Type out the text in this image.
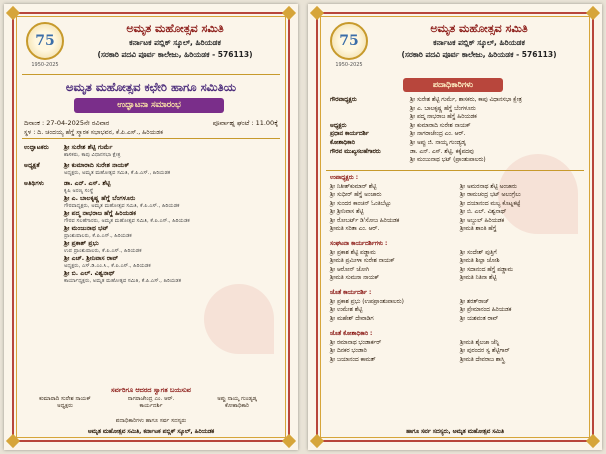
75
1950-2025
ಅಮೃತ ಮಹೋತ್ಸವ ಸಮಿತಿ
ಕರ್ನಾಟಕ ಪಬ್ಲಿಕ್ ಸ್ಕೂಲ್, ಹಿರಿಯಡಕ
(ಸರಕಾರಿ ಪದವಿ ಪೂರ್ವ ಕಾಲೇಜು, ಹಿರಿಯಡಕ - 576113)
ಅಮೃತ ಮಹೋತ್ಸವ ಕಛೇರಿ ಹಾಗೂ ಸಮಿತಿಯ
ಉದ್ಘಾಟನಾ ಸಮಾರಂಭ
ದಿನಾಂಕ : 27-04-2025ನೇ ರವಿವಾರ	ಪೂರ್ವಾಹ್ನ ಘಂಟೆ : 11.00ಕ್ಕೆ
ಸ್ಥಳ : ದಿ. ಚಂದಯ್ಯ ಹೆಗ್ಡೆ ಸ್ಮಾರಕ ಸಭಾಭವನ, ಕೆ.ಪಿ.ಎಸ್., ಹಿರಿಯಡಕ
ಉದ್ಘಾಟಕರು	ಶ್ರೀ ಸುರೇಶ ಶೆಟ್ಟಿ ಗುರ್ಮೆ
ಶಾಸಕರು, ಕಾಪು ವಿಧಾನಸಭಾ ಕ್ಷೇತ್ರ
ಅಧ್ಯಕ್ಷತೆ	ಶ್ರೀ ಕುಮಾರಾದಿ ಸುರೇಶ ನಾಯಕ್
ಅಧ್ಯಕ್ಷರು, ಅಮೃತ ಮಹೋತ್ಸವ ಸಮಿತಿ, ಕೆ.ಪಿ.ಎಸ್., ಹಿರಿಯಡಕ
ಅತಿಥಿಗಳು	ಡಾ. ಎನ್. ಎಸ್. ಶೆಟ್ಟಿ
ಕೃಷಿ ಅರಣ್ಯ ಸಂಸ್ಥೆ
ಶ್ರೀ ಎ. ಬಾಲಕೃಷ್ಣ ಹೆಗ್ಡೆ ಬೆಂಗಳೂರು
ಗೌರವಾಧ್ಯಕ್ಷರು, ಅಮೃತ ಮಹೋತ್ಸವ ಸಮಿತಿ, ಕೆ.ಪಿ.ಎಸ್., ಹಿರಿಯಡಕ
ಶ್ರೀ ಪದ್ಮ ನಾಭರಾಜ ಹೆಗ್ಡೆ ಹಿರಿಯಡಕ
ಗೌರವ ಸಲಹೆಗಾರರು, ಅಮೃತ ಮಹೋತ್ಸವ ಸಮಿತಿ, ಕೆ.ಪಿ.ಎಸ್., ಹಿರಿಯಡಕ
ಶ್ರೀ ಮಂಜುನಾಥ ಭಟ್
ಪ್ರಾಂಶುಪಾಲರು, ಕೆ.ಪಿ.ಎಸ್., ಹಿರಿಯಡಕ
ಶ್ರೀ ಪ್ರಕಾಶ್ ಪ್ರಭು
ಉಪ ಪ್ರಾಂಶುಪಾಲರು, ಕೆ.ಪಿ.ಎಸ್., ಹಿರಿಯಡಕ
ಶ್ರೀ ಎಚ್. ಶ್ರೀನಿವಾಸ ರಾವ್
ಅಧ್ಯಕ್ಷರು, ಎಸ್.ಡಿ.ಎಂ.ಸಿ., ಕೆ.ಪಿ.ಎಸ್., ಹಿರಿಯಡಕ
ಶ್ರೀ ಬಿ. ಎಲ್. ವಿಶ್ವನಾಥ್
ಕಾರ್ಯಾಧ್ಯಕ್ಷರು, ಅಮೃತ ಮಹೋತ್ಸವ ಸಮಿತಿ, ಕೆ.ಪಿ.ಎಸ್., ಹಿರಿಯಡಕ
ಸರ್ವರಿಗೂ ಆದರದ ಸ್ವಾಗತ ಬಯಸುವ
ಕುಮಾರಾದಿ ಸುರೇಶ ನಾಯಕ್
ಅಧ್ಯಕ್ಷರು
ನಾಗರಾಜೇಂದ್ರ ಎಂ. ಆರ್.
ಕಾರ್ಯದರ್ಶಿ
ಅಪ್ಪು ನಾಯ್ಕ ಗುಂಡ್ಯಡ್ಕ
ಕೋಶಾಧಿಕಾರಿ
ಪದಾಧಿಕಾರಿಗಳು ಹಾಗೂ ಸರ್ವ ಸದಸ್ಯರು
ಅಮೃತ ಮಹೋತ್ಸವ ಸಮಿತಿ, ಕರ್ನಾಟಕ ಪಬ್ಲಿಕ್ ಸ್ಕೂಲ್, ಹಿರಿಯಡಕ
75
1950-2025
ಅಮೃತ ಮಹೋತ್ಸವ ಸಮಿತಿ
ಕರ್ನಾಟಕ ಪಬ್ಲಿಕ್ ಸ್ಕೂಲ್, ಹಿರಿಯಡಕ
(ಸರಕಾರಿ ಪದವಿ ಪೂರ್ವ ಕಾಲೇಜು, ಹಿರಿಯಡಕ - 576113)
ಪದಾಧಿಕಾರಿಗಳು
ಗೌರವಾಧ್ಯಕ್ಷರು	ಶ್ರೀ ಸುರೇಶ ಶೆಟ್ಟಿ ಗುರ್ಮೆ, ಶಾಸಕರು, ಕಾಪು ವಿಧಾನಸಭಾ ಕ್ಷೇತ್ರ
ಶ್ರೀ ಎ. ಬಾಲಕೃಷ್ಣ ಹೆಗ್ಡೆ ಬೆಂಗಳೂರು
ಶ್ರೀ ಪದ್ಮ ನಾಭರಾಜ ಹೆಗ್ಡೆ ಹಿರಿಯಡಕ
ಅಧ್ಯಕ್ಷರು	ಶ್ರೀ ಕುಮಾರಾದಿ ಸುರೇಶ ನಾಯಕ್
ಪ್ರಧಾನ ಕಾರ್ಯದರ್ಶಿ	ಶ್ರೀ ನಾಗರಾಜೇಂದ್ರ ಎಂ. ಆರ್.
ಕೋಶಾಧಿಕಾರಿ	ಶ್ರೀ ಅಪ್ಪು ಜಿ. ನಾಯ್ಕ ಗುಂಡ್ಯಡ್ಕ
ಗೌರವ ಮುಖ್ಯಸಲಹೆಗಾರರು	ಡಾ. ಎನ್. ಎಸ್. ಶೆಟ್ಟಿ, ಕಕ್ಕೆಪದವು
ಶ್ರೀ ಮಂಜುನಾಥ ಭಟ್ (ಪ್ರಾಂಶುಪಾಲರು)
ಉಪಾಧ್ಯಕ್ಷರು :
ಶ್ರೀ ನಿತೀಶ್‌ಕುಮಾರ್ ಶೆಟ್ಟಿ	ಶ್ರೀ ಅಮರನಾಥ ಶೆಟ್ಟಿ ಅಂಜಾರು
ಶ್ರೀ ಸುಧೀರ್ ಹೆಗ್ಡೆ ಅಂಜಾರು	ಶ್ರೀ ರಾಮಚಂದ್ರ ಭಟ್ ಅಲಂಗ್ರೆಲು
ಶ್ರೀ ಸುಂದರ ಕಾಂಚನ್ ಓಂತಿಬೆಟ್ಟು	ಶ್ರೀ ದಯಾನಂದ ಮಲ್ಯ ಕೊಟ್ನಕಟ್ಟೆ
ಶ್ರೀ ಶ್ರೀನಿವಾಸ ಶೆಟ್ಟಿ	ಶ್ರೀ ಬಿ. ಎಲ್. ವಿಶ್ವನಾಥ್
ಶ್ರೀ ರೋಬರ್ಟ್ ಡಿ'ಸೋಜ ಹಿರಿಯಡಕ	ಶ್ರೀ ಅಬ್ದುಲ್ ಹಿರಿಯಡಕ
ಶ್ರೀಮತಿ ಸರಿತಾ ಎಂ. ಆರ್.	ಶ್ರೀಮತಿ ಶಾಂತಿ ಹೆಗ್ಡೆ
ಸಂಘಟನಾ ಕಾರ್ಯದರ್ಶಿಗಳು :
ಶ್ರೀ ಪ್ರಕಾಶ ಶೆಟ್ಟಿ ಪಡ್ಡಾಮ	ಶ್ರೀ ಸಂದೇಶ್ ಪುತ್ತಿಗೆ
ಶ್ರೀಮತಿ ಪ್ರಮೀಳಾ ಸುರೇಶ ನಾಯಕ್	ಶ್ರೀಮತಿ ಶಿಲ್ಪಾ ಜೋಶಿ
ಶ್ರೀ ಆರೋನ್ ಜೋಗಿ	ಶ್ರೀ ಸದಾನಂದ ಹೆಗ್ಡೆ ಪಡ್ಡಾಮ
ಶ್ರೀಮತಿ ಸುಮನಾ ನಾಯಕ್	ಶ್ರೀಮತಿ ನಿತಿನಾ ಶೆಟ್ಟಿ
ಜೊತೆ ಕಾರ್ಯದರ್ಶಿ :
ಶ್ರೀ ಪ್ರಕಾಶ ಪ್ರಭು (ಉಪಪ್ರಾಂಶುಪಾಲರು)	ಶ್ರೀ ಶರತ್‌ರಾಜ್
ಶ್ರೀ ಉಮೇಶ ಶೆಟ್ಟಿ	ಶ್ರೀ ಪ್ರೇಮಾನಂದ ಹಿರಿಯಡಕ
ಶ್ರೀ ಮಹೇಶ್ ದೇವಾಡಿಗ	ಶ್ರೀ ಯಶವಂತ ರಾವ್
ಜೊತೆ ಕೋಶಾಧಿಕಾರಿ :
ಶ್ರೀ ರಮಾನಾಥ ಭಂಡಾರ್ಕರ್	ಶ್ರೀಮತಿ ಶೈಲಜಾ ಜೆನ್ನಿ
ಶ್ರೀ ದಿನಕರ ಭಂಡಾರಿ	ಶ್ರೀ ಪುರಂದರ ಸ್ವ ಶೆಟ್ಟಿಗಾರ್
ಶ್ರೀ ಜಯಾನಂದ ಕಾಮತ್	ಶ್ರೀಮತಿ ದೇವರಾಜ ಶಾಸ್ತ್ರಿ
ಹಾಗೂ ಸರ್ವ ಸದಸ್ಯರು, ಅಮೃತ ಮಹೋತ್ಸವ ಸಮಿತಿ
